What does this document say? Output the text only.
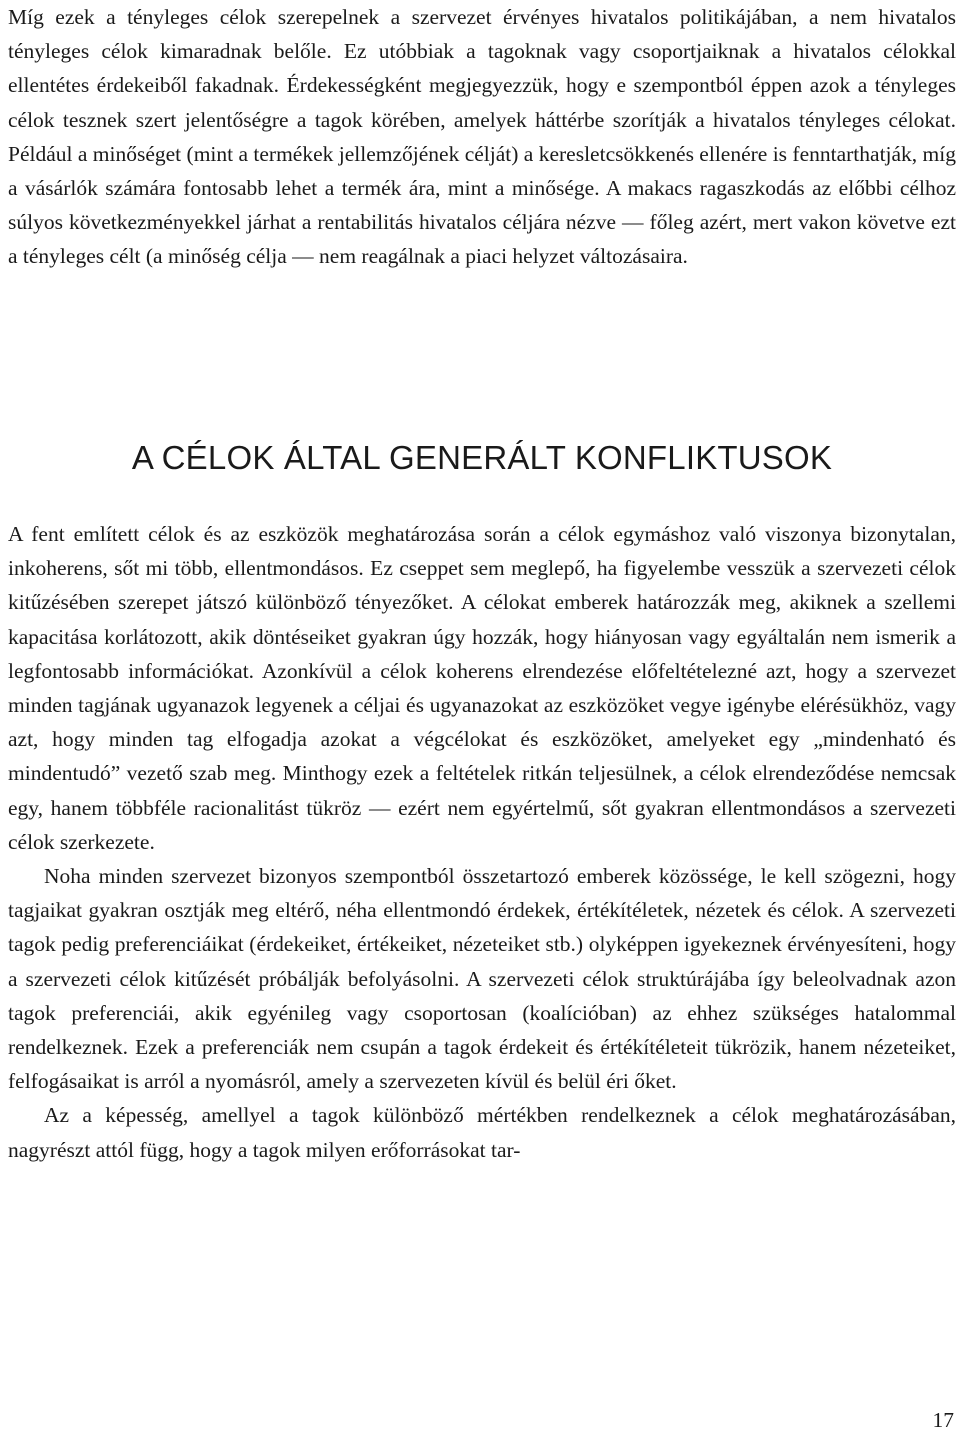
Míg ezek a tényleges célok szerepelnek a szervezet érvényes hivatalos politikájában, a nem hivatalos tényleges célok kimaradnak belőle. Ez utóbbiak a tagoknak vagy csoportjaiknak a hivatalos célokkal ellentétes érdekeiből fakadnak. Érdekességként megjegyezzük, hogy e szempontból éppen azok a tényleges célok tesznek szert jelentőségre a tagok körében, amelyek háttérbe szorítják a hivatalos tényleges célokat. Például a minőséget (mint a termékek jellemzőjének célját) a keresletcsökkenés ellenére is fenntarthatják, míg a vásárlók számára fontosabb lehet a termék ára, mint a minősége. A makacs ragaszkodás az előbbi célhoz súlyos következményekkel járhat a rentabilitás hivatalos céljára nézve — főleg azért, mert vakon követve ezt a tényleges célt (a minőség célja — nem reagálnak a piaci helyzet változásaira.

A CÉLOK ÁLTAL GENERÁLT KONFLIKTUSOK

A fent említett célok és az eszközök meghatározása során a célok egymáshoz való viszonya bizonytalan, inkoherens, sőt mi több, ellentmondásos. Ez cseppet sem meglepő, ha figyelembe vesszük a szervezeti célok kitűzésében szerepet játszó különböző tényezőket. A célokat emberek határozzák meg, akiknek a szellemi kapacitása korlátozott, akik döntéseiket gyakran úgy hozzák, hogy hiányosan vagy egyáltalán nem ismerik a legfontosabb információkat. Azonkívül a célok koherens elrendezése előfeltételezné azt, hogy a szervezet minden tagjának ugyanazok legyenek a céljai és ugyanazokat az eszközöket vegye igénybe elérésükhöz, vagy azt, hogy minden tag elfogadja azokat a végcélokat és eszközöket, amelyeket egy „mindenható és mindentudó” vezető szab meg. Minthogy ezek a feltételek ritkán teljesülnek, a célok elrendeződése nemcsak egy, hanem többféle racionalitást tükröz — ezért nem egyértelmű, sőt gyakran ellentmondásos a szervezeti célok szerkezete.

Noha minden szervezet bizonyos szempontból összetartozó emberek közössége, le kell szögezni, hogy tagjaikat gyakran osztják meg eltérő, néha ellentmondó érdekek, értékítéletek, nézetek és célok. A szervezeti tagok pedig preferenciáikat (érdekeiket, értékeiket, nézeteiket stb.) olyképpen igyekeznek érvényesíteni, hogy a szervezeti célok kitűzését próbálják befolyásolni. A szervezeti célok struktúrájába így beleolvadnak azon tagok preferenciái, akik egyénileg vagy csoportosan (koalícióban) az ehhez szükséges hatalommal rendelkeznek. Ezek a preferenciák nem csupán a tagok érdekeit és értékítéleteit tükrözik, hanem nézeteiket, felfogásaikat is arról a nyomásról, amely a szervezeten kívül és belül éri őket.

Az a képesség, amellyel a tagok különböző mértékben rendelkeznek a célok meghatározásában, nagyrészt attól függ, hogy a tagok milyen erőforrásokat tar-

17
